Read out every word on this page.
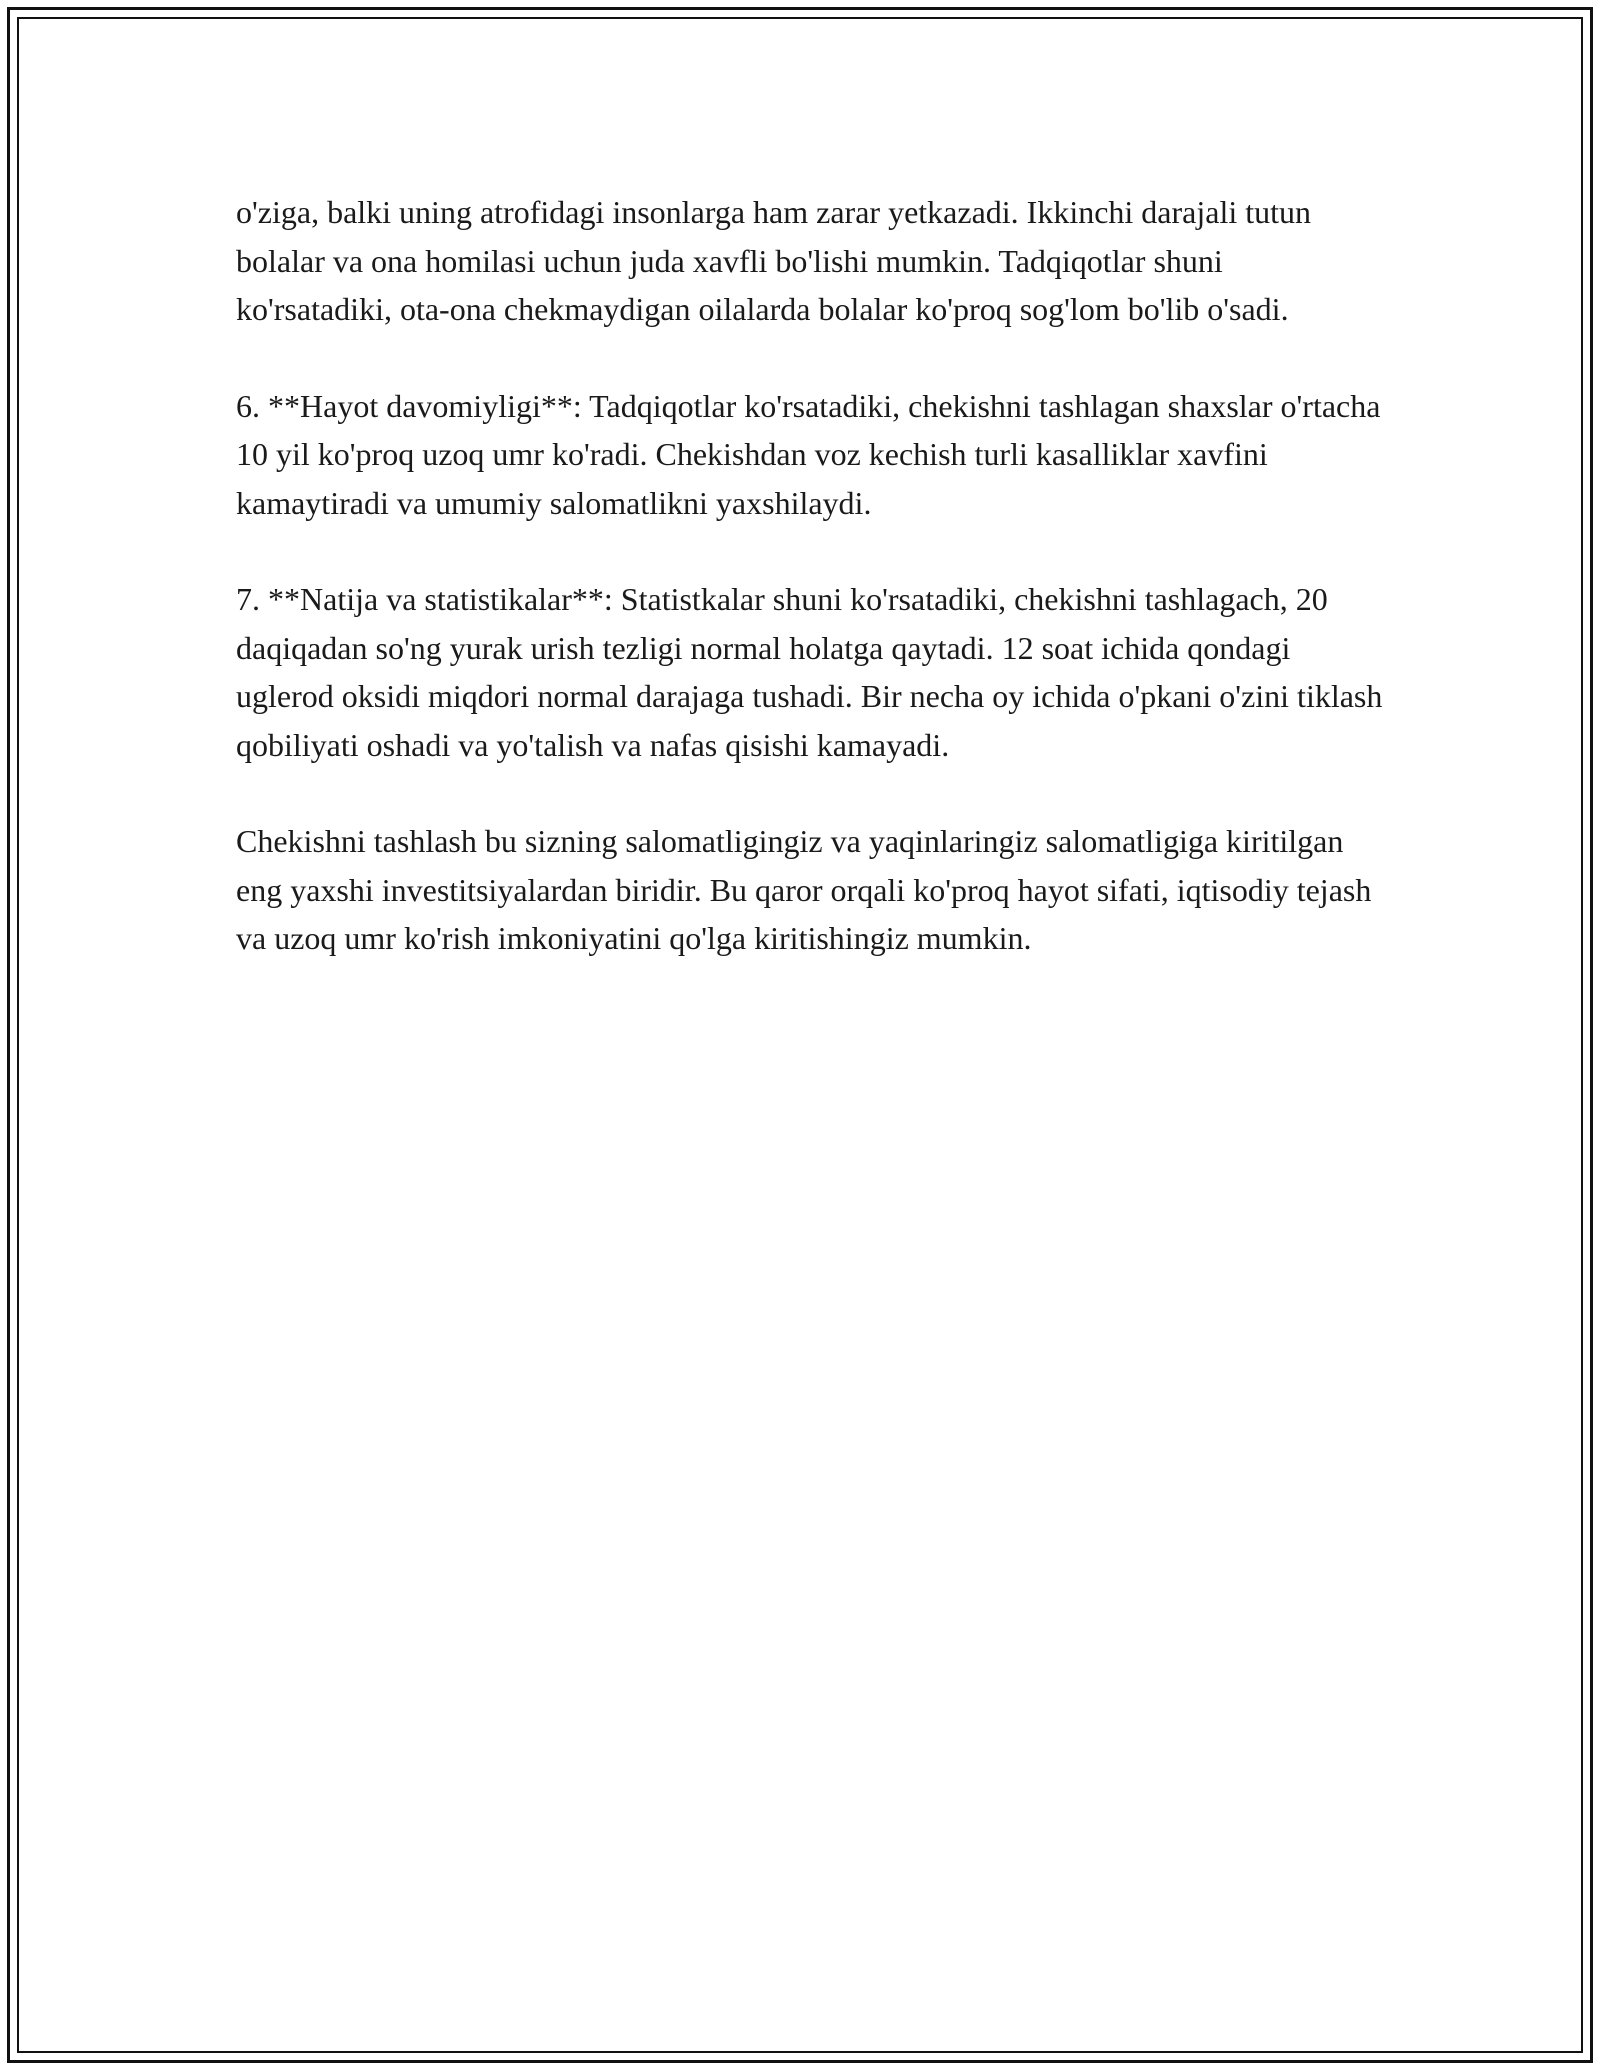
o'ziga, balki uning atrofidagi insonlarga ham zarar yetkazadi. Ikkinchi darajali tutun bolalar va ona homilasi uchun juda xavfli bo'lishi mumkin. Tadqiqotlar shuni ko'rsatadiki, ota-ona chekmaydigan oilalarda bolalar ko'proq sog'lom bo'lib o'sadi.

6. **Hayot davomiyligi**: Tadqiqotlar ko'rsatadiki, chekishni tashlagan shaxslar o'rtacha 10 yil ko'proq uzoq umr ko'radi. Chekishdan voz kechish turli kasalliklar xavfini kamaytiradi va umumiy salomatlikni yaxshilaydi.

7. **Natija va statistikalar**: Statistkalar shuni ko'rsatadiki, chekishni tashlagach, 20 daqiqadan so'ng yurak urish tezligi normal holatga qaytadi. 12 soat ichida qondagi uglerod oksidi miqdori normal darajaga tushadi. Bir necha oy ichida o'pkani o'zini tiklash qobiliyati oshadi va yo'talish va nafas qisishi kamayadi.

Chekishni tashlash bu sizning salomatligingiz va yaqinlaringiz salomatligiga kiritilgan eng yaxshi investitsiyalardan biridir. Bu qaror orqali ko'proq hayot sifati, iqtisodiy tejash va uzoq umr ko'rish imkoniyatini qo'lga kiritishingiz mumkin.
